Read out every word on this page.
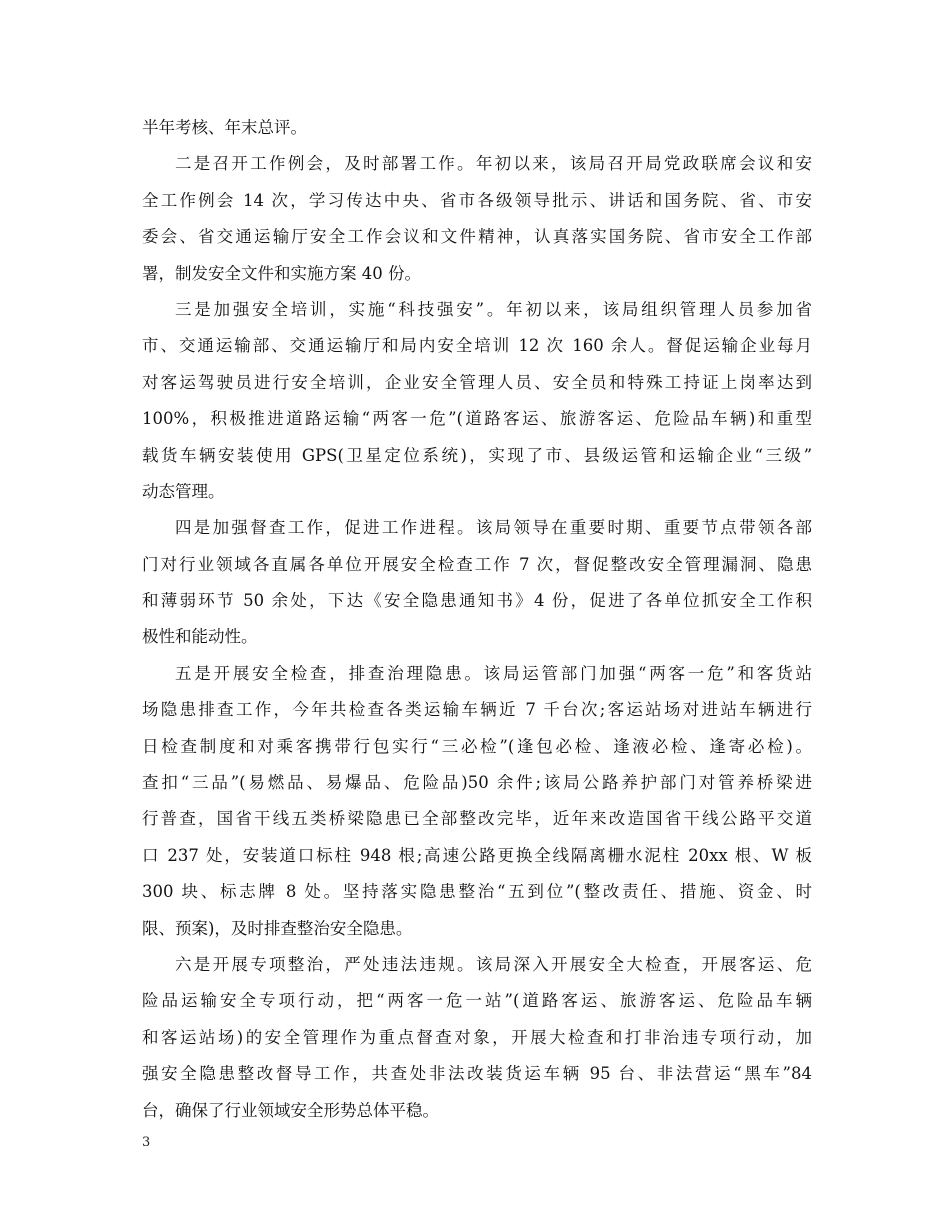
半年考核、年末总评。
二是召开工作例会，及时部署工作。年初以来，该局召开局党政联席会议和安
全工作例会 14 次，学习传达中央、省市各级领导批示、讲话和国务院、省、市安
委会、省交通运输厅安全工作会议和文件精神，认真落实国务院、省市安全工作部
署，制发安全文件和实施方案 40 份。
三是加强安全培训，实施“科技强安”。年初以来，该局组织管理人员参加省
市、交通运输部、交通运输厅和局内安全培训 12 次 160 余人。督促运输企业每月
对客运驾驶员进行安全培训，企业安全管理人员、安全员和特殊工持证上岗率达到
100%，积极推进道路运输“两客一危”(道路客运、旅游客运、危险品车辆)和重型
载货车辆安装使用 GPS(卫星定位系统)，实现了市、县级运管和运输企业“三级”
动态管理。
四是加强督查工作，促进工作进程。该局领导在重要时期、重要节点带领各部
门对行业领域各直属各单位开展安全检查工作 7 次，督促整改安全管理漏洞、隐患
和薄弱环节 50 余处，下达《安全隐患通知书》4 份，促进了各单位抓安全工作积
极性和能动性。
五是开展安全检查，排查治理隐患。该局运管部门加强“两客一危”和客货站
场隐患排查工作，今年共检查各类运输车辆近 7 千台次;客运站场对进站车辆进行
日检查制度和对乘客携带行包实行“三必检”(逢包必检、逢液必检、逢寄必检)。
查扣“三品”(易燃品、易爆品、危险品)50 余件;该局公路养护部门对管养桥梁进
行普查，国省干线五类桥梁隐患已全部整改完毕，近年来改造国省干线公路平交道
口 237 处，安装道口标柱 948 根;高速公路更换全线隔离栅水泥柱 20xx 根、W 板
300 块、标志牌 8 处。坚持落实隐患整治“五到位”(整改责任、措施、资金、时
限、预案)，及时排查整治安全隐患。
六是开展专项整治，严处违法违规。该局深入开展安全大检查，开展客运、危
险品运输安全专项行动，把“两客一危一站”(道路客运、旅游客运、危险品车辆
和客运站场)的安全管理作为重点督查对象，开展大检查和打非治违专项行动，加
强安全隐患整改督导工作，共查处非法改装货运车辆 95 台、非法营运“黑车”84
台，确保了行业领域安全形势总体平稳。
3
